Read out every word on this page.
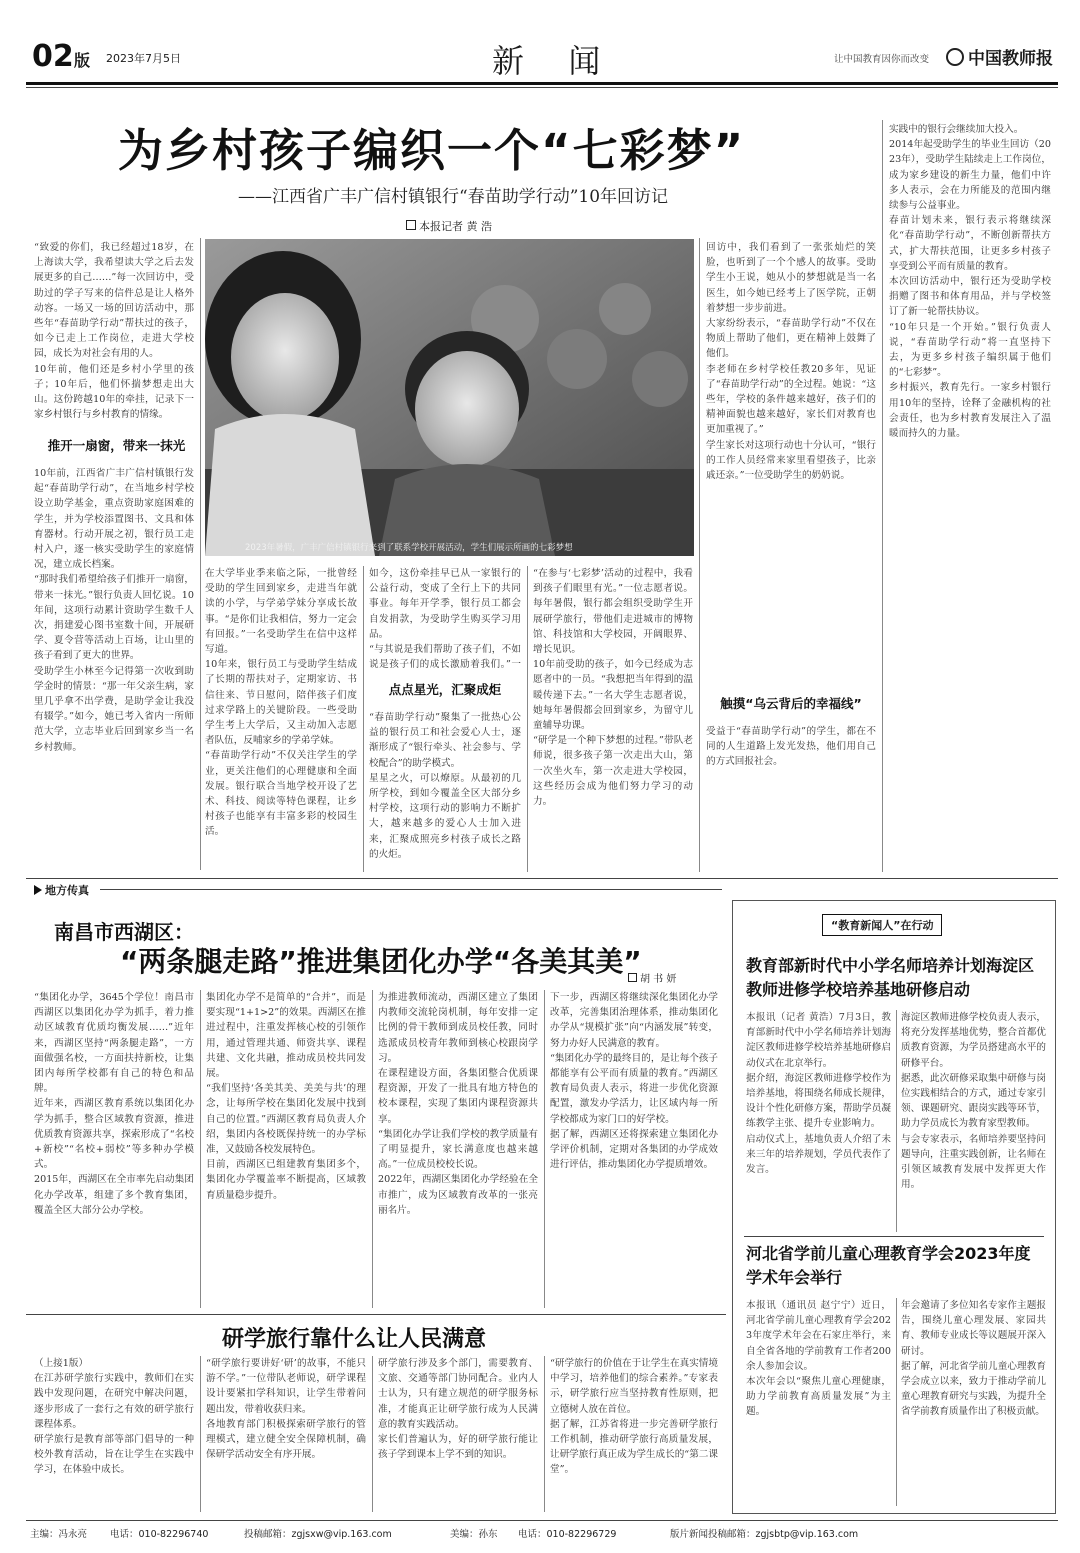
02 版 2023年7月5日	新  闻	让中国教育因你而改变 中国教师报
为乡村孩子编织一个“七彩梦”
——江西省广丰广信村镇银行“春苗助学行动”10年回访记
本报记者 黄 浩
“致爱的你们，我已经超过18岁，在上海读大学，我希望读大学之后去发展更多的自己……”每一次回访中，受助过的学子写来的信件总是让人格外动容。一场又一场的回访活动中，那些年“春苗助学行动”帮扶过的孩子，如今已走上工作岗位，走进大学校园，成长为对社会有用的人。
10年前，他们还是乡村小学里的孩子；10年后，他们怀揣梦想走出大山。这份跨越10年的牵挂，记录下一家乡村银行与乡村教育的情缘。
推开一扇窗，带来一抹光
10年前，江西省广丰广信村镇银行发起“春苗助学行动”，在当地乡村学校设立助学基金，重点资助家庭困难的学生，并为学校添置图书、文具和体育器材。行动开展之初，银行员工走村入户，逐一核实受助学生的家庭情况，建立成长档案。
“那时我们希望给孩子们推开一扇窗，带来一抹光。”银行负责人回忆说。10年间，这项行动累计资助学生数千人次，捐建爱心图书室数十间，开展研学、夏令营等活动上百场，让山里的孩子看到了更大的世界。
受助学生小林至今记得第一次收到助学金时的情景：“那一年父亲生病，家里几乎拿不出学费，是助学金让我没有辍学。”如今，她已考入省内一所师范大学，立志毕业后回到家乡当一名乡村教师。
2023年暑假，广丰广信村镇银行来到了联系学校开展活动，学生们展示所画的七彩梦想
在大学毕业季来临之际，一批曾经受助的学生回到家乡，走进当年就读的小学，与学弟学妹分享成长故事。“是你们让我相信，努力一定会有回报。”一名受助学生在信中这样写道。
10年来，银行员工与受助学生结成了长期的帮扶对子，定期家访、书信往来、节日慰问，陪伴孩子们度过求学路上的关键阶段。一些受助学生考上大学后，又主动加入志愿者队伍，反哺家乡的学弟学妹。
“春苗助学行动”不仅关注学生的学业，更关注他们的心理健康和全面发展。银行联合当地学校开设了艺术、科技、阅读等特色课程，让乡村孩子也能享有丰富多彩的校园生活。
如今，这份牵挂早已从一家银行的公益行动，变成了全行上下的共同事业。每年开学季，银行员工都会自发捐款，为受助学生购买学习用品。
“与其说是我们帮助了孩子们，不如说是孩子们的成长激励着我们。”一

点点星光，汇聚成炬
“春苗助学行动”聚集了一批热心公益的银行员工和社会爱心人士，逐渐形成了“银行牵头、社会参与、学校配合”的助学模式。
星星之火，可以燎原。从最初的几所学校，到如今覆盖全区大部分乡村学校，这项行动的影响力不断扩大，越来越多的爱心人士加入进来，汇聚成照亮乡村孩子成长之路的火炬。
“在参与‘七彩梦’活动的过程中，我看到孩子们眼里有光。”一位志愿者说。每年暑假，银行都会组织受助学生开展研学旅行，带他们走进城市的博物馆、科技馆和大学校园，开阔眼界、增长见识。
10年前受助的孩子，如今已经成为志愿者中的一员。“我想把当年得到的温暖传递下去。”一名大学生志愿者说，她每年暑假都会回到家乡，为留守儿童辅导功课。
“研学是一个种下梦想的过程。”带队老师说，很多孩子第一次走出大山，第一次坐火车，第一次走进大学校园，这些经历会成为他们努力学习的动力。
回访中，我们看到了一张张灿烂的笑脸，也听到了一个个感人的故事。受助学生小王说，她从小的梦想就是当一名医生，如今她已经考上了医学院，正朝着梦想一步步前进。
大家纷纷表示，“春苗助学行动”不仅在物质上帮助了他们，更在精神上鼓舞了他们。
李老师在乡村学校任教20多年，见证了“春苗助学行动”的全过程。她说：“这些年，学校的条件越来越好，孩子们的精神面貌也越来越好，家长们对教育也更加重视了。”
学生家长对这项行动也十分认可，“银行的工作人员经常来家里看望孩子，比亲戚还亲。”一位受助学生的奶奶说。
触摸“乌云背后的幸福线”
受益于“春苗助学行动”的学生，都在不同的人生道路上发光发热，他们用自己的方式回报社会。
实践中的银行会继续加大投入。
2014年起受助学生的毕业生回访（2023年），受助学生陆续走上工作岗位，成为家乡建设的新生力量，他们中许多人表示，会在力所能及的范围内继续参与公益事业。
春苗计划未来，银行表示将继续深化“春苗助学行动”，不断创新帮扶方式，扩大帮扶范围，让更多乡村孩子享受到公平而有质量的教育。
本次回访活动中，银行还为受助学校捐赠了图书和体育用品，并与学校签订了新一轮帮扶协议。
“10年只是一个开始。”银行负责人说，“春苗助学行动”将一直坚持下去，为更多乡村孩子编织属于他们的“七彩梦”。
乡村振兴，教育先行。一家乡村银行用10年的坚持，诠释了金融机构的社会责任，也为乡村教育发展注入了温暖而持久的力量。
地方传真
南昌市西湖区：
“两条腿走路”推进集团化办学“各美其美”
胡 书 妍
“集团化办学，3645个学位！南昌市西湖区以集团化办学为抓手，着力推动区域教育优质均衡发展……”近年来，西湖区坚持“两条腿走路”，一方面做强名校，一方面扶持新校，让集团内每所学校都有自己的特色和品牌。
近年来，西湖区教育系统以集团化办学为抓手，整合区域教育资源，推进优质教育资源共享，探索形成了“名校+新校”“名校+弱校”等多种办学模式。
2015年，西湖区在全市率先启动集团化办学改革，组建了多个教育集团，覆盖全区大部分公办学校。
集团化办学不是简单的“合并”，而是要实现“1+1>2”的效果。西湖区在推进过程中，注重发挥核心校的引领作用，通过管理共通、师资共享、课程共建、文化共融，推动成员校共同发展。
“我们坚持‘各美其美、美美与共’的理念，让每所学校在集团化发展中找到自己的位置。”西湖区教育局负责人介绍，集团内各校既保持统一的办学标准，又鼓励各校发展特色。
目前，西湖区已组建教育集团多个，集团化办学覆盖率不断提高，区域教育质量稳步提升。
为推进教师流动，西湖区建立了集团内教师交流轮岗机制，每年安排一定比例的骨干教师到成员校任教，同时选派成员校青年教师到核心校跟岗学习。
在课程建设方面，各集团整合优质课程资源，开发了一批具有地方特色的校本课程，实现了集团内课程资源共享。
“集团化办学让我们学校的教学质量有了明显提升，家长满意度也越来越高。”一位成员校校长说。
2022年，西湖区集团化办学经验在全市推广，成为区域教育改革的一张亮丽名片。
下一步，西湖区将继续深化集团化办学改革，完善集团治理体系，推动集团化办学从“规模扩张”向“内涵发展”转变，努力办好人民满意的教育。
“集团化办学的最终目的，是让每个孩子都能享有公平而有质量的教育。”西湖区教育局负责人表示，将进一步优化资源配置，激发办学活力，让区域内每一所学校都成为家门口的好学校。
据了解，西湖区还将探索建立集团化办学评价机制，定期对各集团的办学成效进行评估，推动集团化办学提质增效。
研学旅行靠什么让人民满意
（上接1版）
在江苏研学旅行实践中，教师们在实践中发现问题，在研究中解决问题，逐步形成了一套行之有效的研学旅行课程体系。
研学旅行是教育部等部门倡导的一种校外教育活动，旨在让学生在实践中学习，在体验中成长。
“研学旅行要讲好‘研’的故事，不能只游不学。”一位带队老师说，研学课程设计要紧扣学科知识，让学生带着问题出发，带着收获归来。
各地教育部门积极探索研学旅行的管理模式，建立健全安全保障机制，确保研学活动安全有序开展。
研学旅行涉及多个部门，需要教育、文旅、交通等部门协同配合。业内人士认为，只有建立规范的研学服务标准，才能真正让研学旅行成为人民满意的教育实践活动。
家长们普遍认为，好的研学旅行能让孩子学到课本上学不到的知识。
“研学旅行的价值在于让学生在真实情境中学习，培养他们的综合素养。”专家表示，研学旅行应当坚持教育性原则，把立德树人放在首位。
据了解，江苏省将进一步完善研学旅行工作机制，推动研学旅行高质量发展，让研学旅行真正成为学生成长的“第二课堂”。
“教育新闻人”在行动
教育部新时代中小学名师培养计划海淀区教师进修学校培养基地研修启动
本报讯（记者 黄浩）7月3日，教育部新时代中小学名师培养计划海淀区教师进修学校培养基地研修启动仪式在北京举行。
据介绍，海淀区教师进修学校作为培养基地，将围绕名师成长规律，设计个性化研修方案，帮助学员凝练教学主张、提升专业影响力。
启动仪式上，基地负责人介绍了未来三年的培养规划，学员代表作了发言。
海淀区教师进修学校负责人表示，将充分发挥基地优势，整合首都优质教育资源，为学员搭建高水平的研修平台。
据悉，此次研修采取集中研修与岗位实践相结合的方式，通过专家引领、课题研究、跟岗实践等环节，助力学员成长为教育家型教师。
与会专家表示，名师培养要坚持问题导向，注重实践创新，让名师在引领区域教育发展中发挥更大作用。
河北省学前儿童心理教育学会2023年度学术年会举行
本报讯（通讯员 赵宁宁）近日，河北省学前儿童心理教育学会2023年度学术年会在石家庄举行，来自全省各地的学前教育工作者200余人参加会议。
本次年会以“聚焦儿童心理健康，助力学前教育高质量发展”为主题。
年会邀请了多位知名专家作主题报告，围绕儿童心理发展、家园共育、教师专业成长等议题展开深入研讨。
据了解，河北省学前儿童心理教育学会成立以来，致力于推动学前儿童心理教育研究与实践，为提升全省学前教育质量作出了积极贡献。
主编：冯永亮 电话：010-82296740	投稿邮箱：zgjsxw@vip.163.com	美编：孙东 电话：010-82296729	版片新闻投稿邮箱：zgjsbtp@vip.163.com
